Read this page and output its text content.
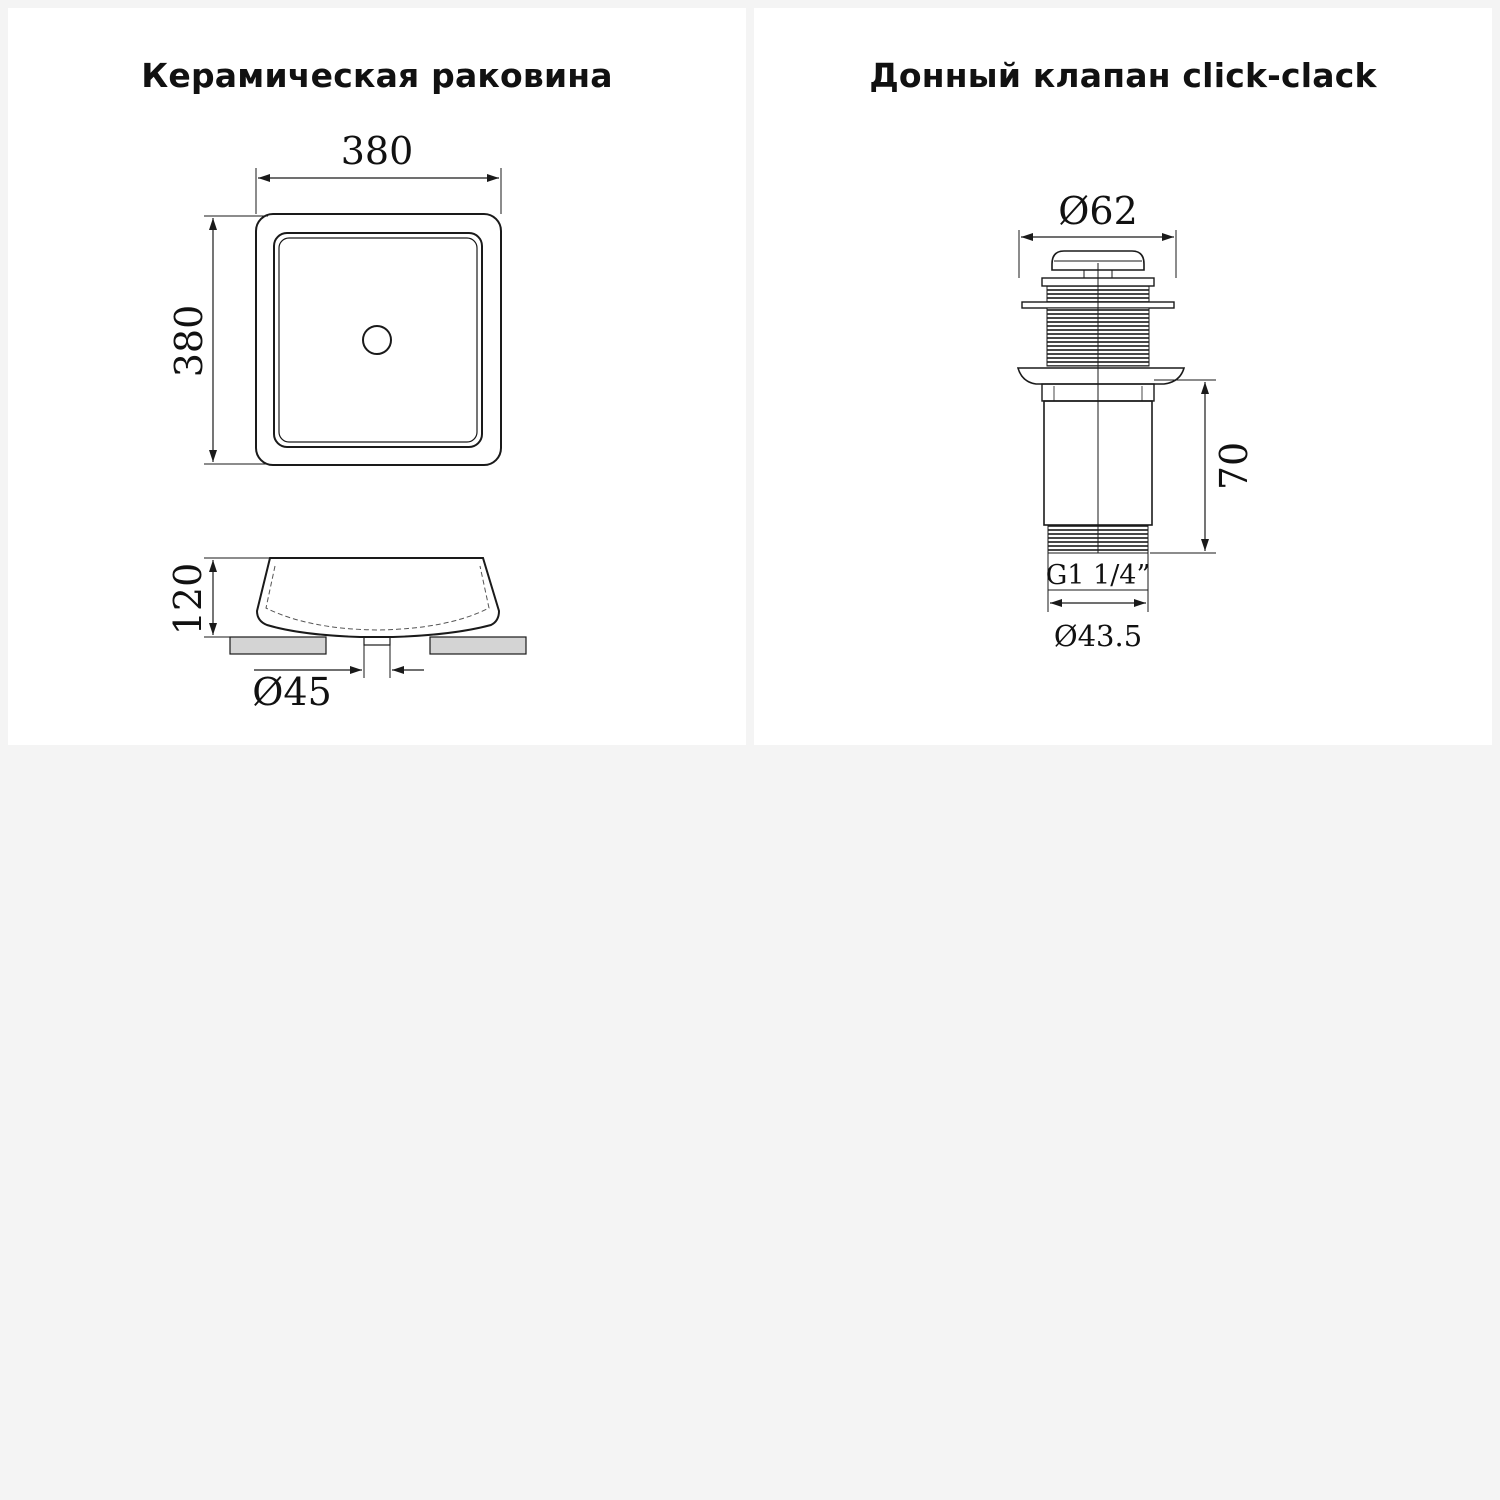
Керамическая раковина
380
380
120
Ø45
Донный клапан click-clack
Ø62
70
G1 1/4”
Ø43.5
